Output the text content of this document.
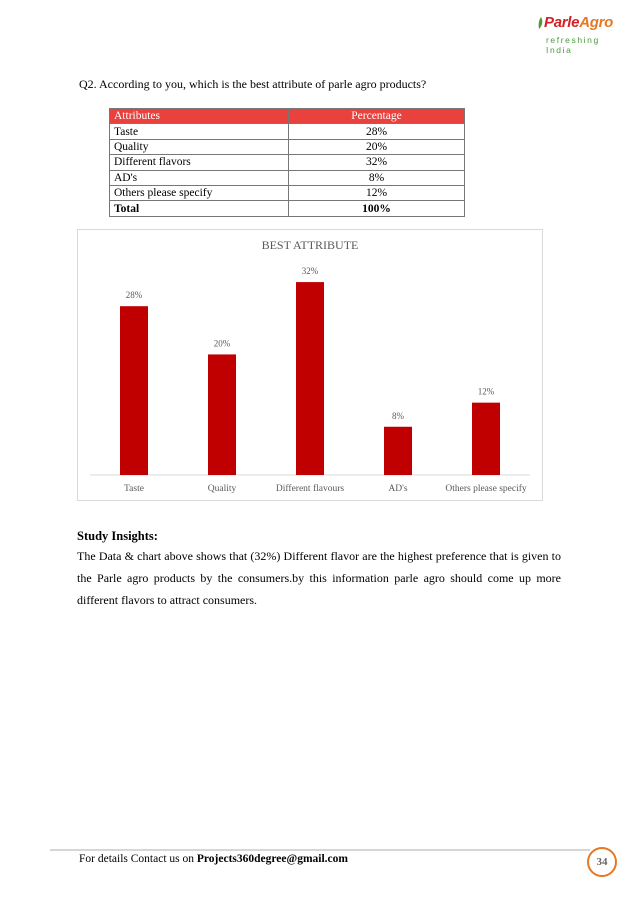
ParleAgro
refreshing India
Q2. According to you, which is the best attribute of parle agro products?
Attributes	Percentage
Taste	28%
Quality	20%
Different flavors	32%
AD's	8%
Others please specify	12%
Total	100%
BEST ATTRIBUTE
28%
Taste
20%
Quality
32%
Different flavours
8%
AD's
12%
Others please specify
Study Insights:
The Data & chart above shows that (32%) Different flavor are the highest preference that is given to the Parle agro products by the consumers.by this information parle agro should come up more different flavors to attract consumers.
For details Contact us on Projects360degree@gmail.com	34
